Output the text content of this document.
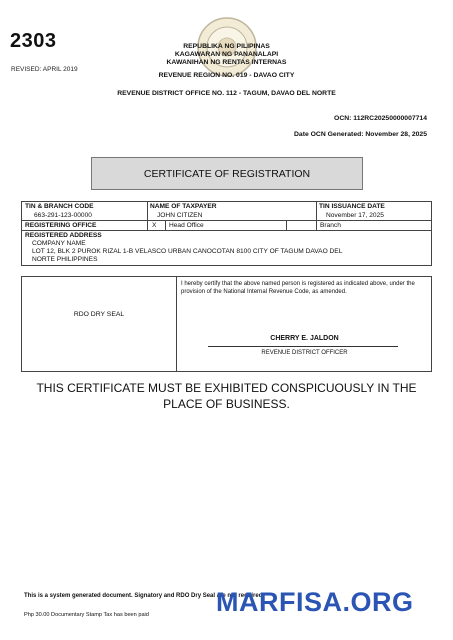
2303
REVISED: APRIL 2019
REPUBLIKA NG PILIPINAS
KAGAWARAN NG PANANALAPI
KAWANIHAN NG RENTAS INTERNAS
REVENUE REGION NO. 019 - DAVAO CITY
REVENUE DISTRICT OFFICE NO. 112 - TAGUM, DAVAO DEL NORTE
OCN: 112RC20250000007714
Date OCN Generated: November 28, 2025
CERTIFICATE OF REGISTRATION
TIN & BRANCH CODE
663-291-123-00000
NAME OF TAXPAYER
JOHN CITIZEN
TIN ISSUANCE DATE
November 17, 2025
REGISTERING OFFICE	X Head Office	Branch
REGISTERED ADDRESS
COMPANY NAME
LOT 12, BLK 2 PUROK RIZAL 1-B VELASCO URBAN CANOCOTAN 8100 CITY OF TAGUM DAVAO DEL
NORTE PHILIPPINES
RDO DRY SEAL
I hereby certify that the above named person is registered as indicated above, under the provision of the National Internal Revenue Code, as amended.
CHERRY E. JALDON
REVENUE DISTRICT OFFICER
THIS CERTIFICATE MUST BE EXHIBITED CONSPICUOUSLY IN THE PLACE OF BUSINESS.
This is a system generated document. Signatory and RDO Dry Seal are not required.
Php 30.00 Documentary Stamp Tax has been paid MARFISA.ORG
